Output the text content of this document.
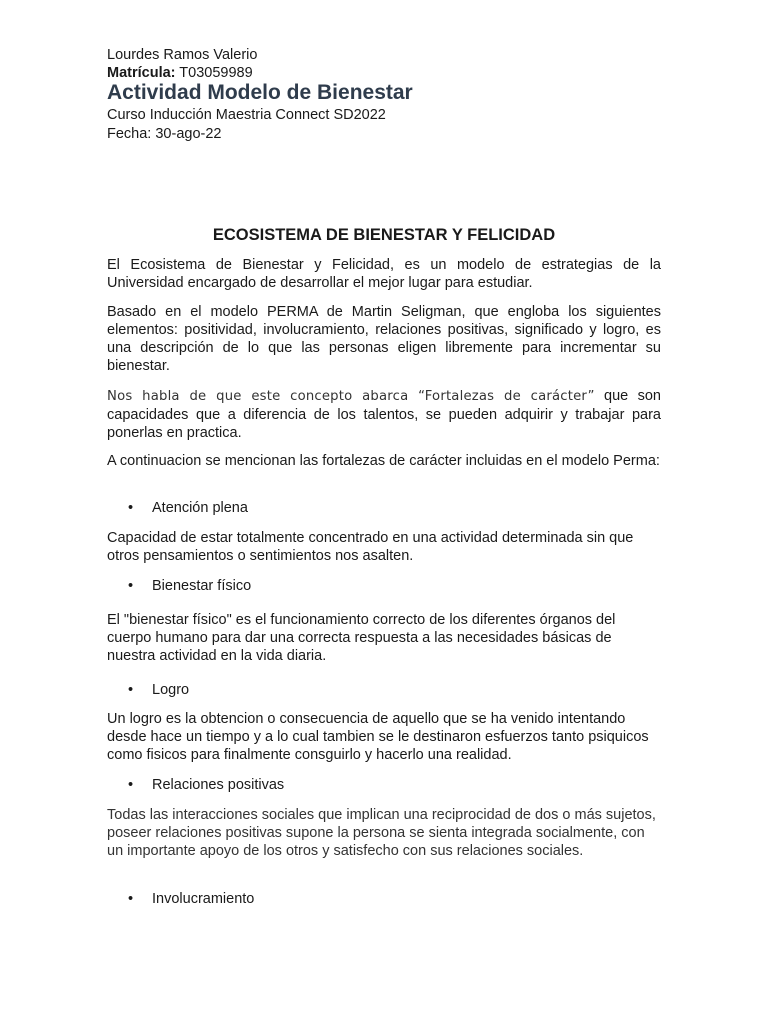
Lourdes Ramos Valerio
Matrícula: T03059989
Actividad Modelo de Bienestar
Curso Inducción Maestria Connect SD2022
Fecha: 30-ago-22
ECOSISTEMA DE BIENESTAR Y FELICIDAD

El Ecosistema de Bienestar y Felicidad, es un modelo de estrategias de la Universidad encargado de desarrollar el mejor lugar para estudiar.

Basado en el modelo PERMA de Martin Seligman, que engloba los siguientes elementos: positividad, involucramiento, relaciones positivas, significado y logro, es una descripción de lo que las personas eligen libremente para incrementar su bienestar.

Nos habla de que este concepto abarca “Fortalezas de carácter” que son capacidades que a diferencia de los talentos, se pueden adquirir y trabajar para ponerlas en practica.

A continuacion se mencionan las fortalezas de carácter incluidas en el modelo Perma:

• Atención plena

Capacidad de estar totalmente concentrado en una actividad determinada sin que otros pensamientos o sentimientos nos asalten.

• Bienestar físico

El "bienestar físico" es el funcionamiento correcto de los diferentes órganos del cuerpo humano para dar una correcta respuesta a las necesidades básicas de nuestra actividad en la vida diaria.

• Logro

Un logro es la obtencion o consecuencia de aquello que se ha venido intentando desde hace un tiempo y a lo cual tambien se le destinaron esfuerzos tanto psiquicos como fisicos para finalmente consguirlo y hacerlo una realidad.

• Relaciones positivas

Todas las interacciones sociales que implican una reciprocidad de dos o más sujetos, poseer relaciones positivas supone la persona se sienta integrada socialmente, con un importante apoyo de los otros y satisfecho con sus relaciones sociales.

• Involucramiento
